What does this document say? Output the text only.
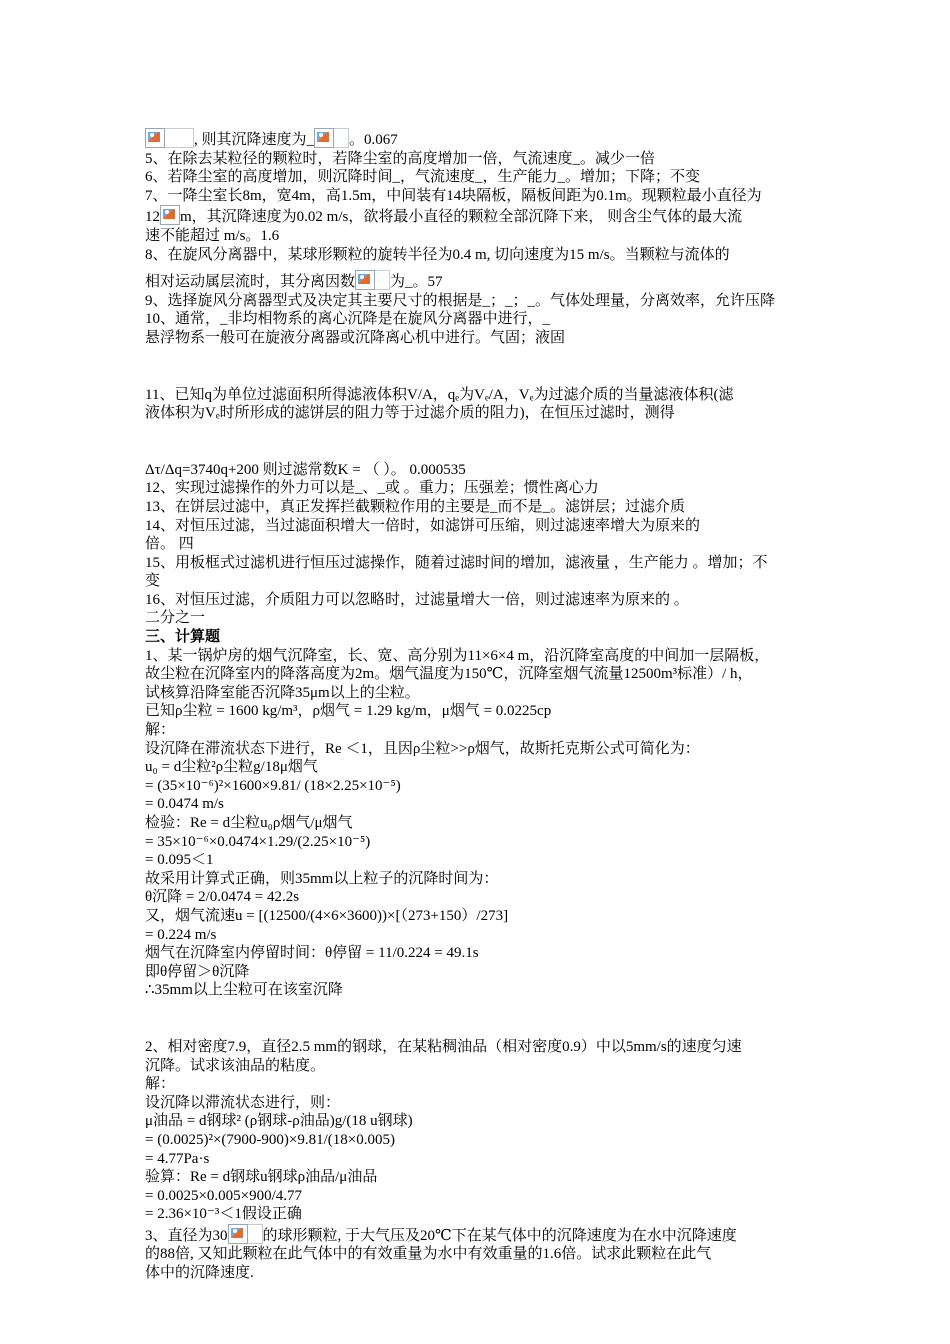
, 则其沉降速度为_ 。0.067
5、在除去某粒径的颗粒时，若降尘室的高度增加一倍，气流速度_。减少一倍
6、若降尘室的高度增加，则沉降时间_，气流速度_，生产能力_。增加；下降；不变
7、一降尘室长8m，宽4m，高1.5m，中间装有14块隔板，隔板间距为0.1m。现颗粒最小直径为
12 m，其沉降速度为0.02 m/s，欲将最小直径的颗粒全部沉降下来， 则含尘气体的最大流
速不能超过 m/s。1.6
8、在旋风分离器中，某球形颗粒的旋转半径为0.4 m, 切向速度为15 m/s。当颗粒与流体的
相对运动属层流时，其分离因数 为_。57
9、选择旋风分离器型式及决定其主要尺寸的根据是_；_；_。气体处理量，分离效率，允许压降
10、通常，_非均相物系的离心沉降是在旋风分离器中进行，_
悬浮物系一般可在旋液分离器或沉降离心机中进行。气固；液固
11、已知q为单位过滤面积所得滤液体积V/A，qₑ为Vₑ/A，Vₑ为过滤介质的当量滤液体积(滤
液体积为Vₑ时所形成的滤饼层的阻力等于过滤介质的阻力)，在恒压过滤时，测得
Δτ/Δq=3740q+200 则过滤常数K = （ ）。 0.000535
12、实现过滤操作的外力可以是_、_或 。重力；压强差；惯性离心力
13、在饼层过滤中，真正发挥拦截颗粒作用的主要是_而不是_。滤饼层；过滤介质
14、对恒压过滤，当过滤面积增大一倍时，如滤饼可压缩，则过滤速率增大为原来的
倍。 四
15、用板框式过滤机进行恒压过滤操作，随着过滤时间的增加，滤液量 ，生产能力 。增加；不
变
16、对恒压过滤，介质阻力可以忽略时，过滤量增大一倍，则过滤速率为原来的 。
二分之一
三、计算题
1、某一锅炉房的烟气沉降室，长、宽、高分别为11×6×4 m，沿沉降室高度的中间加一层隔板，
故尘粒在沉降室内的降落高度为2m。烟气温度为150℃，沉降室烟气流量12500m³标准）/ h，
试核算沿降室能否沉降35μm以上的尘粒。
已知ρ尘粒 = 1600 kg/m³，ρ烟气 = 1.29 kg/m，μ烟气 = 0.0225cp
解：
设沉降在滞流状态下进行，Re ＜1，且因ρ尘粒>>ρ烟气，故斯托克斯公式可简化为：
u₀ = d尘粒²ρ尘粒g/18μ烟气
= (35×10⁻⁶)²×1600×9.81/ (18×2.25×10⁻⁵)
= 0.0474 m/s
检验：Re = d尘粒u₀ρ烟气/μ烟气
= 35×10⁻⁶×0.0474×1.29/(2.25×10⁻⁵)
= 0.095＜1
故采用计算式正确，则35mm以上粒子的沉降时间为：
θ沉降 = 2/0.0474 = 42.2s
又，烟气流速u = [(12500/(4×6×3600))×[（273+150）/273]
= 0.224 m/s
烟气在沉降室内停留时间：θ停留 = 11/0.224 = 49.1s
即θ停留＞θ沉降
∴35mm以上尘粒可在该室沉降
2、相对密度7.9，直径2.5 mm的钢球，在某粘稠油品（相对密度0.9）中以5mm/s的速度匀速
沉降。试求该油品的粘度。
解：
设沉降以滞流状态进行，则：
μ油品 = d钢球² (ρ钢球-ρ油品)g/(18 u钢球)
= (0.0025)²×(7900-900)×9.81/(18×0.005)
= 4.77Pa·s
验算：Re = d钢球u钢球ρ油品/μ油品
= 0.0025×0.005×900/4.77
= 2.36×10⁻³＜1假设正确
3、直径为30 的球形颗粒, 于大气压及20℃下在某气体中的沉降速度为在水中沉降速度
的88倍, 又知此颗粒在此气体中的有效重量为水中有效重量的1.6倍。试求此颗粒在此气
体中的沉降速度.
